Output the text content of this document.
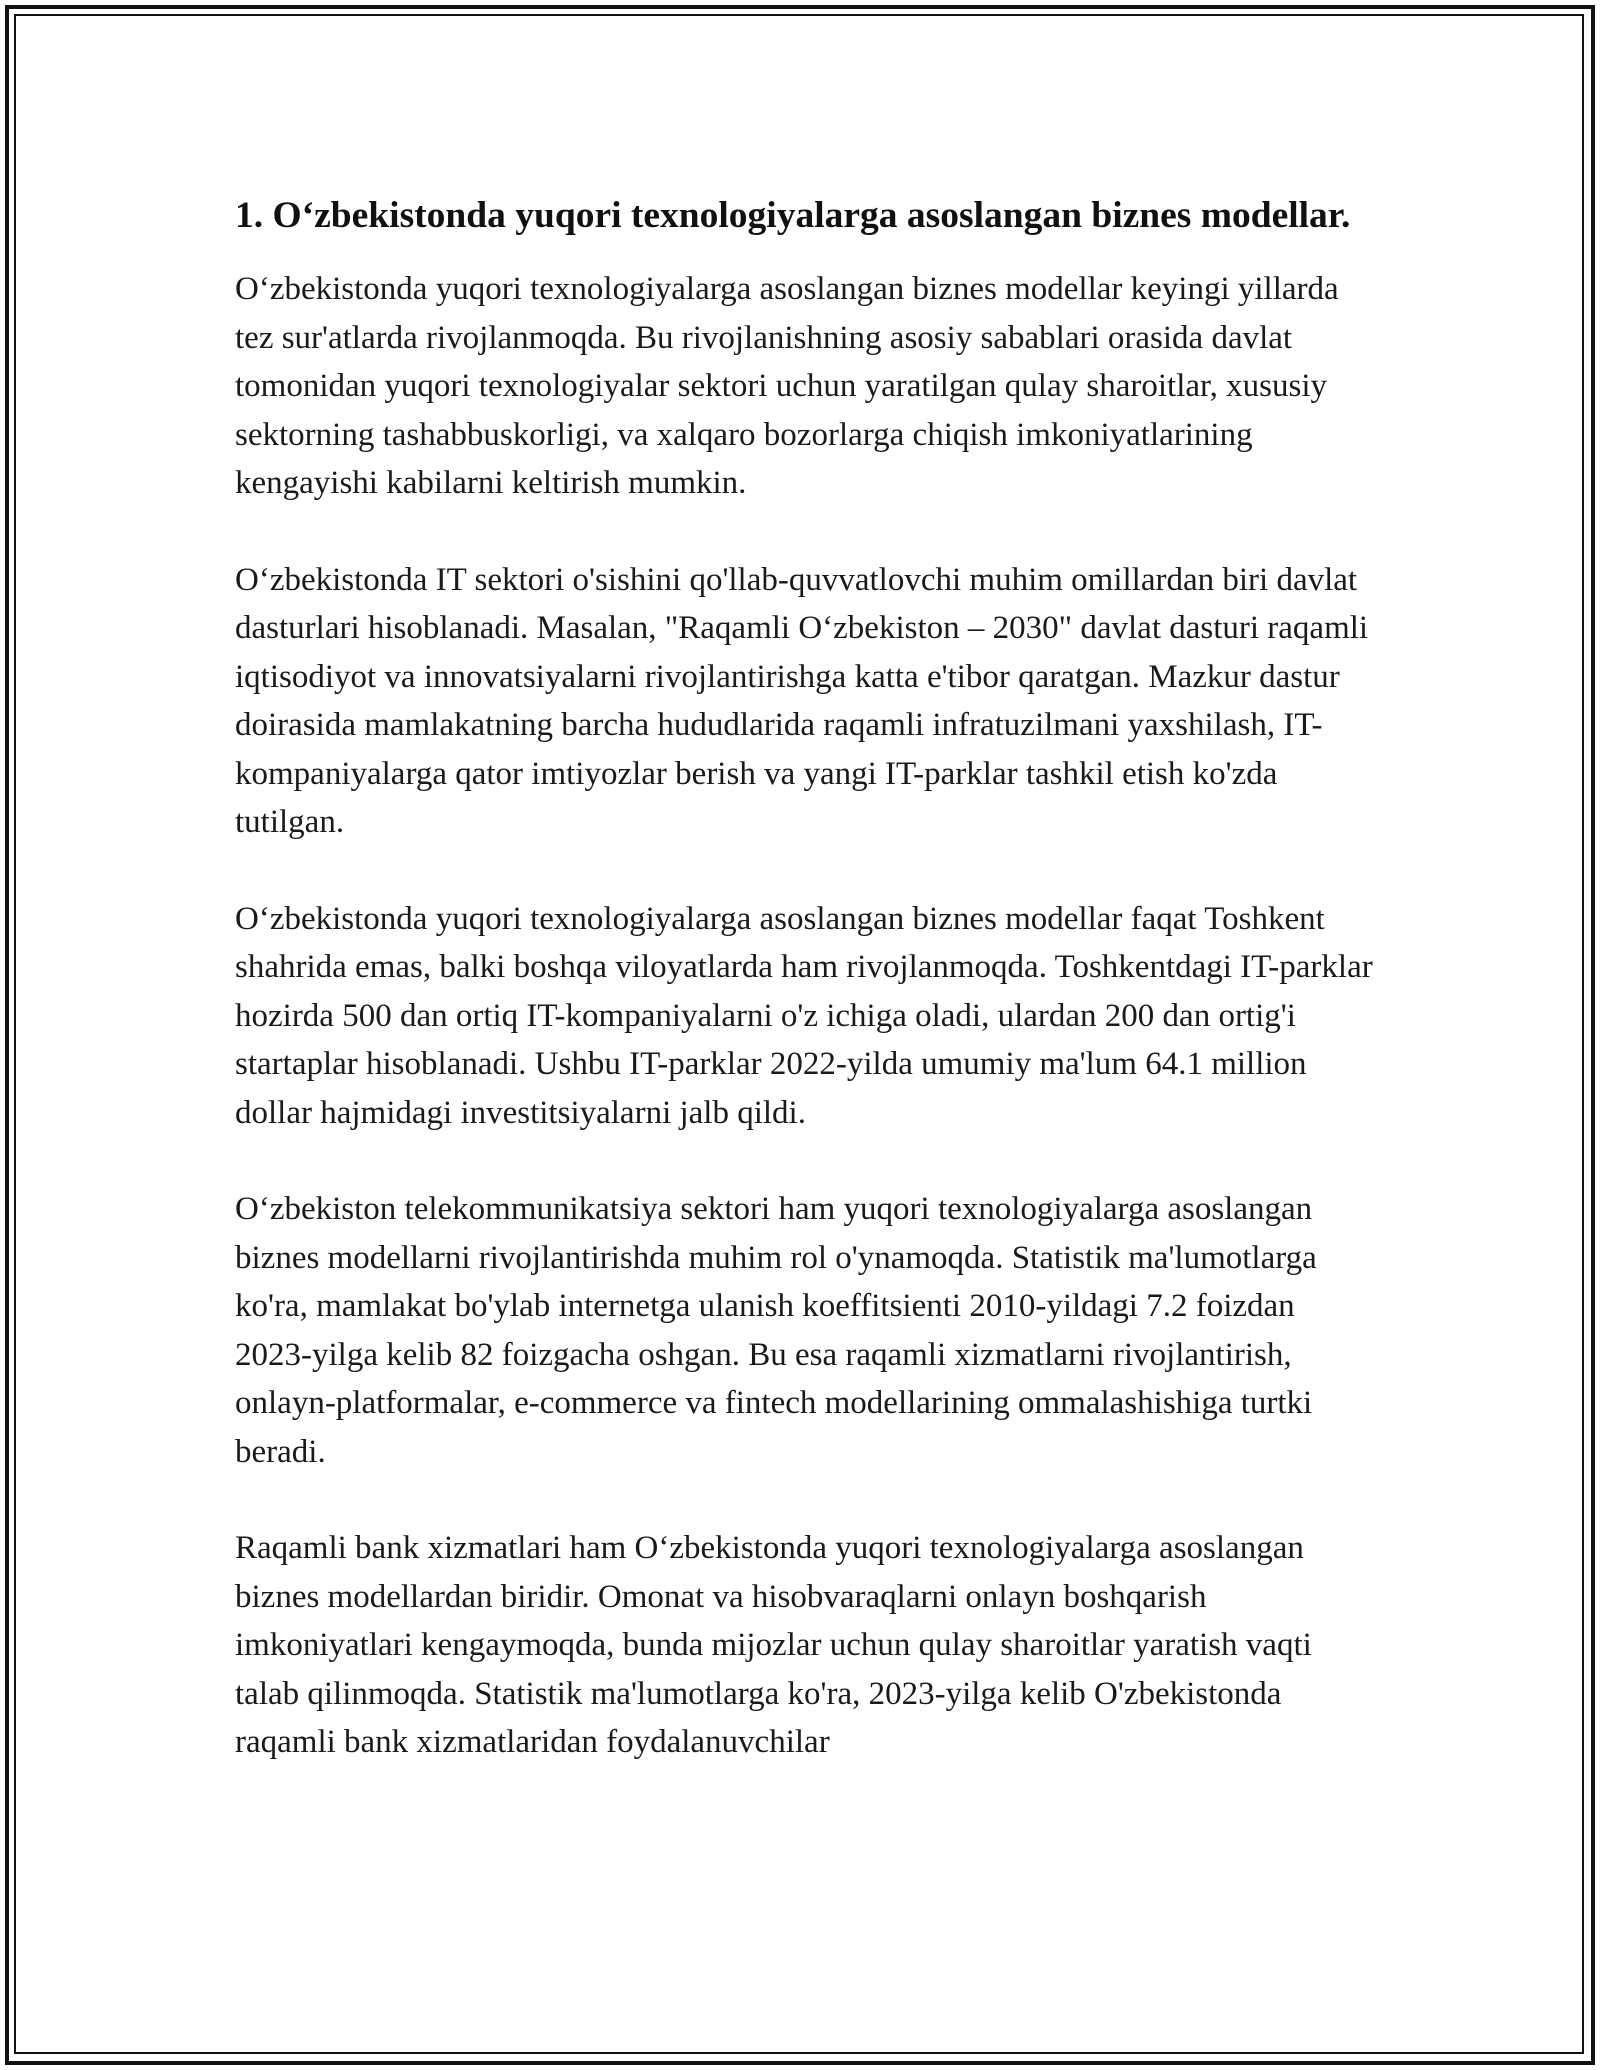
1. O‘zbekistonda yuqori texnologiyalarga asoslangan biznes modellar.

O‘zbekistonda yuqori texnologiyalarga asoslangan biznes modellar keyingi yillarda tez sur'atlarda rivojlanmoqda. Bu rivojlanishning asosiy sabablari orasida davlat tomonidan yuqori texnologiyalar sektori uchun yaratilgan qulay sharoitlar, xususiy sektorning tashabbuskorligi, va xalqaro bozorlarga chiqish imkoniyatlarining kengayishi kabilarni keltirish mumkin.

O‘zbekistonda IT sektori o'sishini qo'llab-quvvatlovchi muhim omillardan biri davlat dasturlari hisoblanadi. Masalan, "Raqamli O‘zbekiston – 2030" davlat dasturi raqamli iqtisodiyot va innovatsiyalarni rivojlantirishga katta e'tibor qaratgan. Mazkur dastur doirasida mamlakatning barcha hududlarida raqamli infratuzilmani yaxshilash, IT-kompaniyalarga qator imtiyozlar berish va yangi IT-parklar tashkil etish ko'zda tutilgan.

O‘zbekistonda yuqori texnologiyalarga asoslangan biznes modellar faqat Toshkent shahrida emas, balki boshqa viloyatlarda ham rivojlanmoqda. Toshkentdagi IT-parklar hozirda 500 dan ortiq IT-kompaniyalarni o'z ichiga oladi, ulardan 200 dan ortig'i startaplar hisoblanadi. Ushbu IT-parklar 2022-yilda umumiy ma'lum 64.1 million dollar hajmidagi investitsiyalarni jalb qildi.

O‘zbekiston telekommunikatsiya sektori ham yuqori texnologiyalarga asoslangan biznes modellarni rivojlantirishda muhim rol o'ynamoqda. Statistik ma'lumotlarga ko'ra, mamlakat bo'ylab internetga ulanish koeffitsienti 2010-yildagi 7.2 foizdan 2023-yilga kelib 82 foizgacha oshgan. Bu esa raqamli xizmatlarni rivojlantirish, onlayn-platformalar, e-commerce va fintech modellarining ommalashishiga turtki beradi.

Raqamli bank xizmatlari ham O‘zbekistonda yuqori texnologiyalarga asoslangan biznes modellardan biridir. Omonat va hisobvaraqlarni onlayn boshqarish imkoniyatlari kengaymoqda, bunda mijozlar uchun qulay sharoitlar yaratish vaqti talab qilinmoqda. Statistik ma'lumotlarga ko'ra, 2023-yilga kelib O'zbekistonda raqamli bank xizmatlaridan foydalanuvchilar
